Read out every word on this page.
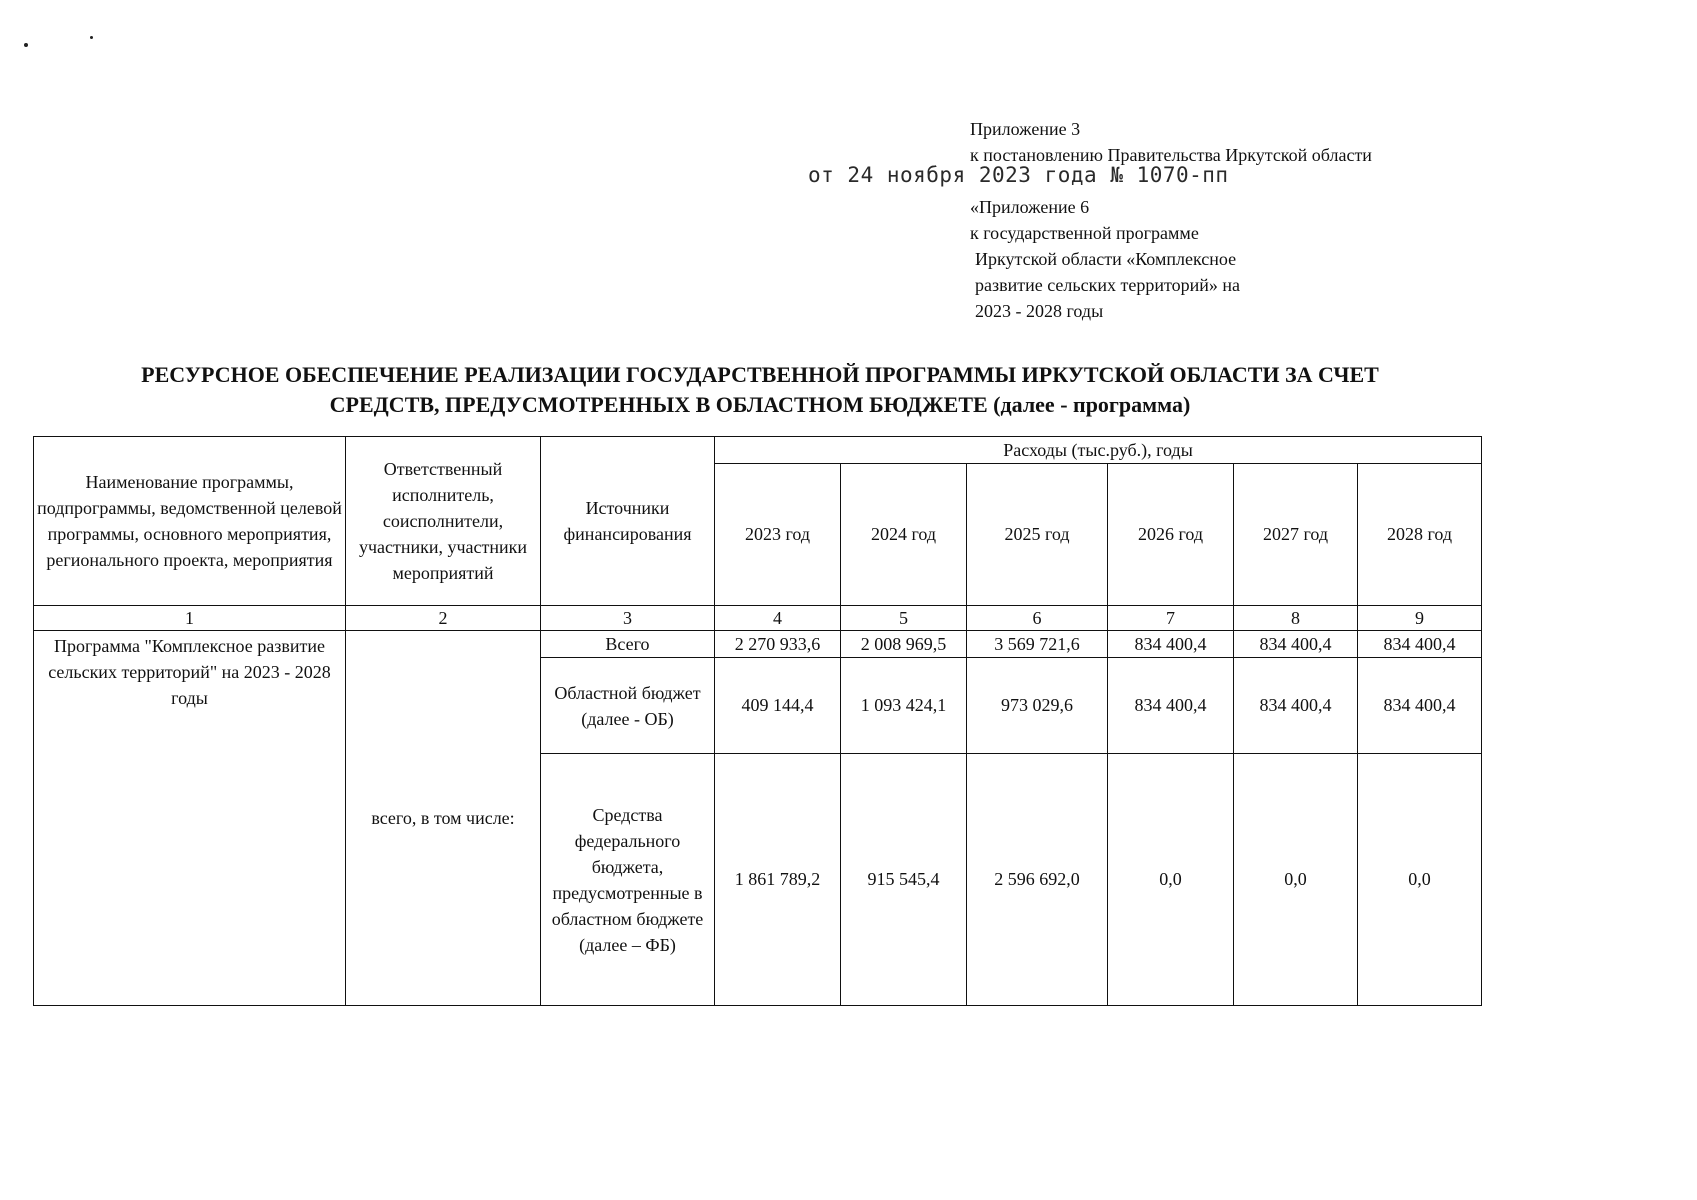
Приложение 3
к постановлению Правительства Иркутской области
«Приложение 6
к государственной программе
Иркутской области «Комплексное
развитие сельских территорий» на
2023 - 2028 годы
от 24 ноября 2023 года № 1070-пп
РЕСУРСНОЕ ОБЕСПЕЧЕНИЕ РЕАЛИЗАЦИИ ГОСУДАРСТВЕННОЙ ПРОГРАММЫ ИРКУТСКОЙ ОБЛАСТИ ЗА СЧЕТ
СРЕДСТВ, ПРЕДУСМОТРЕННЫХ В ОБЛАСТНОМ БЮДЖЕТЕ (далее - программа)
Наименование программы, подпрограммы, ведомственной целевой программы, основного мероприятия, регионального проекта, мероприятия	Ответственный исполнитель, соисполнители, участники, участники мероприятий	Источники финансирования	Расходы (тыс.руб.), годы					
			2023 год	2024 год	2025 год	2026 год	2027 год	2028 год
1	2	3	4	5	6	7	8	9
Программа "Комплексное развитие сельских территорий" на 2023 - 2028 годы	всего, в том числе:	Всего	2 270 933,6	2 008 969,5	3 569 721,6	834 400,4	834 400,4	834 400,4
		Областной бюджет (далее - ОБ)	409 144,4	1 093 424,1	973 029,6	834 400,4	834 400,4	834 400,4
		Средства федерального бюджета, предусмотренные в областном бюджете (далее – ФБ)	1 861 789,2	915 545,4	2 596 692,0	0,0	0,0	0,0
